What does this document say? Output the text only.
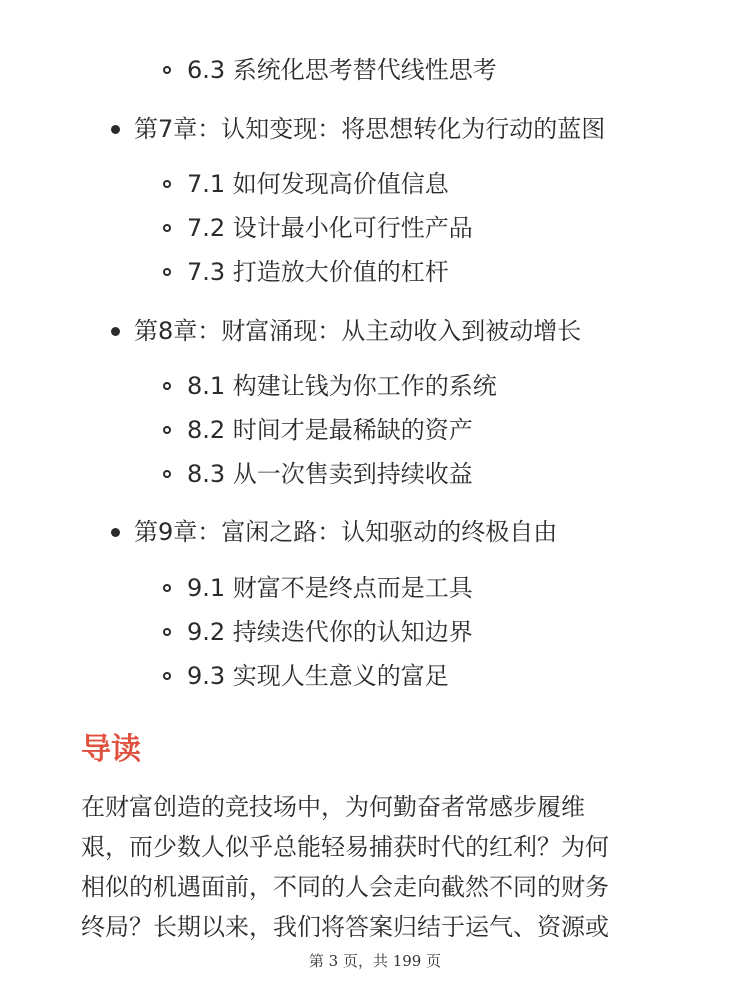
6.3 系统化思考替代线性思考
第7章：认知变现：将思想转化为行动的蓝图
7.1 如何发现高价值信息
7.2 设计最小化可行性产品
7.3 打造放大价值的杠杆
第8章：财富涌现：从主动收入到被动增长
8.1 构建让钱为你工作的系统
8.2 时间才是最稀缺的资产
8.3 从一次售卖到持续收益
第9章：富闲之路：认知驱动的终极自由
9.1 财富不是终点而是工具
9.2 持续迭代你的认知边界
9.3 实现人生意义的富足
导读
在财富创造的竞技场中，为何勤奋者常感步履维
艰，而少数人似乎总能轻易捕获时代的红利？为何
相似的机遇面前，不同的人会走向截然不同的财务
终局？长期以来，我们将答案归结于运气、资源或
第 3 页，共 199 页
